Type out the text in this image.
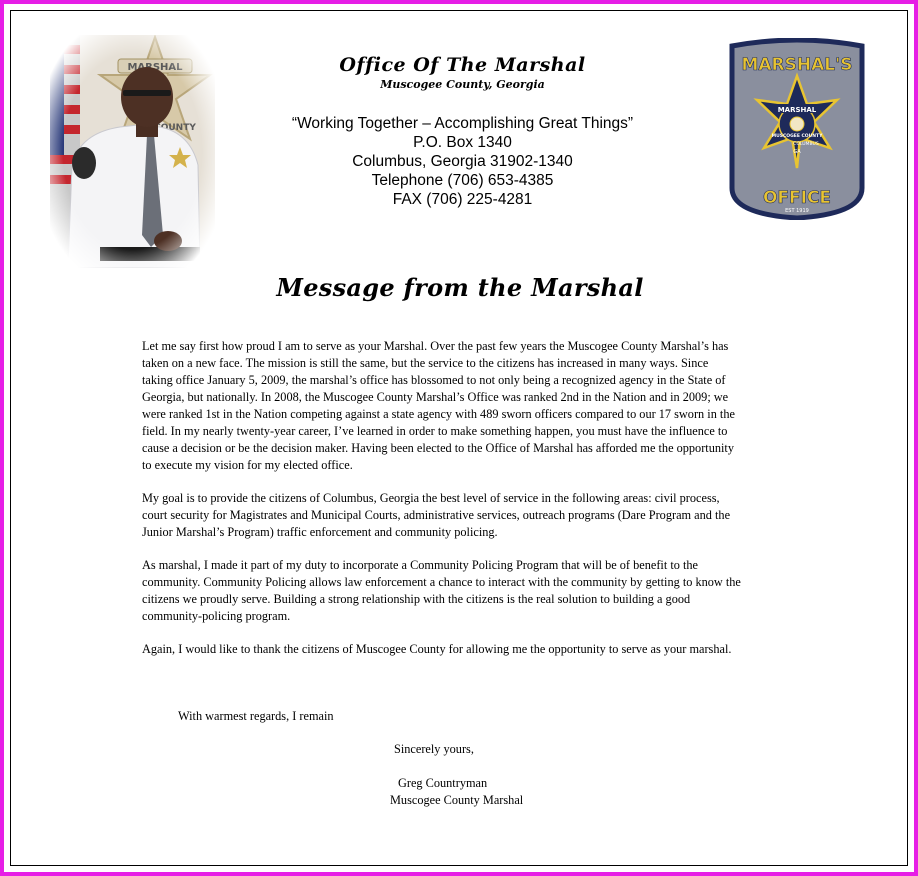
Office Of The Marshal
Muscogee County, Georgia
“Working Together – Accomplishing Great Things”
P.O. Box 1340
Columbus, Georgia 31902-1340
Telephone (706) 653-4385
FAX (706) 225-4281
MARSHAL'S
MARSHAL
MUSCOGEE COUNTY
COLUMBUS
GA
OFFICE
EST 1919
Message from the Marshal

Let me say first how proud I am to serve as your Marshal. Over the past few years the Muscogee County Marshal’s has taken on a new face. The mission is still the same, but the service to the citizens has increased in many ways. Since taking office January 5, 2009, the marshal’s office has blossomed to not only being a recognized agency in the State of Georgia, but nationally. In 2008, the Muscogee County Marshal’s Office was ranked 2nd in the Nation and in 2009; we were ranked 1st in the Nation competing against a state agency with 489 sworn officers compared to our 17 sworn in the field. In my nearly twenty-year career, I’ve learned in order to make something happen, you must have the influence to cause a decision or be the decision maker. Having been elected to the Office of Marshal has afforded me the opportunity to execute my vision for my elected office.

My goal is to provide the citizens of Columbus, Georgia the best level of service in the following areas: civil process, court security for Magistrates and Municipal Courts, administrative services, outreach programs (Dare Program and the Junior Marshal’s Program) traffic enforcement and community policing.

As marshal, I made it part of my duty to incorporate a Community Policing Program that will be of benefit to the community. Community Policing allows law enforcement a chance to interact with the community by getting to know the citizens we proudly serve. Building a strong relationship with the citizens is the real solution to building a good community-policing program.

Again, I would like to thank the citizens of Muscogee County for allowing me the opportunity to serve as your marshal.

With warmest regards, I remain
Sincerely yours,
Greg Countryman
Muscogee County Marshal
